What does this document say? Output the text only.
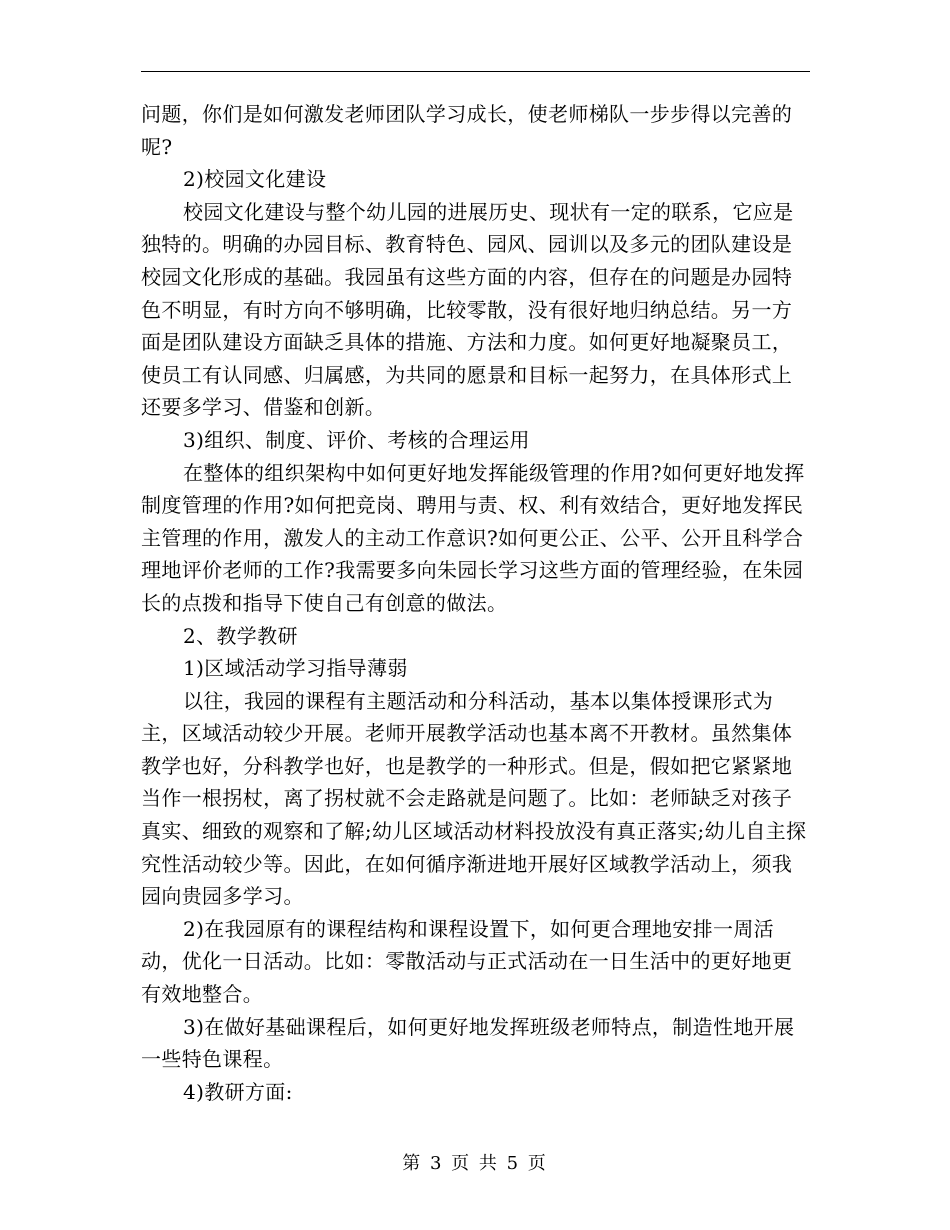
问题，你们是如何激发老师团队学习成长，使老师梯队一步步得以完善的呢?

2)校园文化建设

校园文化建设与整个幼儿园的进展历史、现状有一定的联系，它应是独特的。明确的办园目标、教育特色、园风、园训以及多元的团队建设是校园文化形成的基础。我园虽有这些方面的内容，但存在的问题是办园特色不明显，有时方向不够明确，比较零散，没有很好地归纳总结。另一方面是团队建设方面缺乏具体的措施、方法和力度。如何更好地凝聚员工，使员工有认同感、归属感，为共同的愿景和目标一起努力，在具体形式上还要多学习、借鉴和创新。

3)组织、制度、评价、考核的合理运用

在整体的组织架构中如何更好地发挥能级管理的作用?如何更好地发挥制度管理的作用?如何把竞岗、聘用与责、权、利有效结合，更好地发挥民主管理的作用，激发人的主动工作意识?如何更公正、公平、公开且科学合理地评价老师的工作?我需要多向朱园长学习这些方面的管理经验，在朱园长的点拨和指导下使自己有创意的做法。

2、教学教研

1)区域活动学习指导薄弱

以往，我园的课程有主题活动和分科活动，基本以集体授课形式为主，区域活动较少开展。老师开展教学活动也基本离不开教材。虽然集体教学也好，分科教学也好，也是教学的一种形式。但是，假如把它紧紧地当作一根拐杖，离了拐杖就不会走路就是问题了。比如：老师缺乏对孩子真实、细致的观察和了解;幼儿区域活动材料投放没有真正落实;幼儿自主探究性活动较少等。因此，在如何循序渐进地开展好区域教学活动上，须我园向贵园多学习。

2)在我园原有的课程结构和课程设置下，如何更合理地安排一周活动，优化一日活动。比如：零散活动与正式活动在一日生活中的更好地更有效地整合。

3)在做好基础课程后，如何更好地发挥班级老师特点，制造性地开展一些特色课程。

4)教研方面:

第 3 页 共 5 页
